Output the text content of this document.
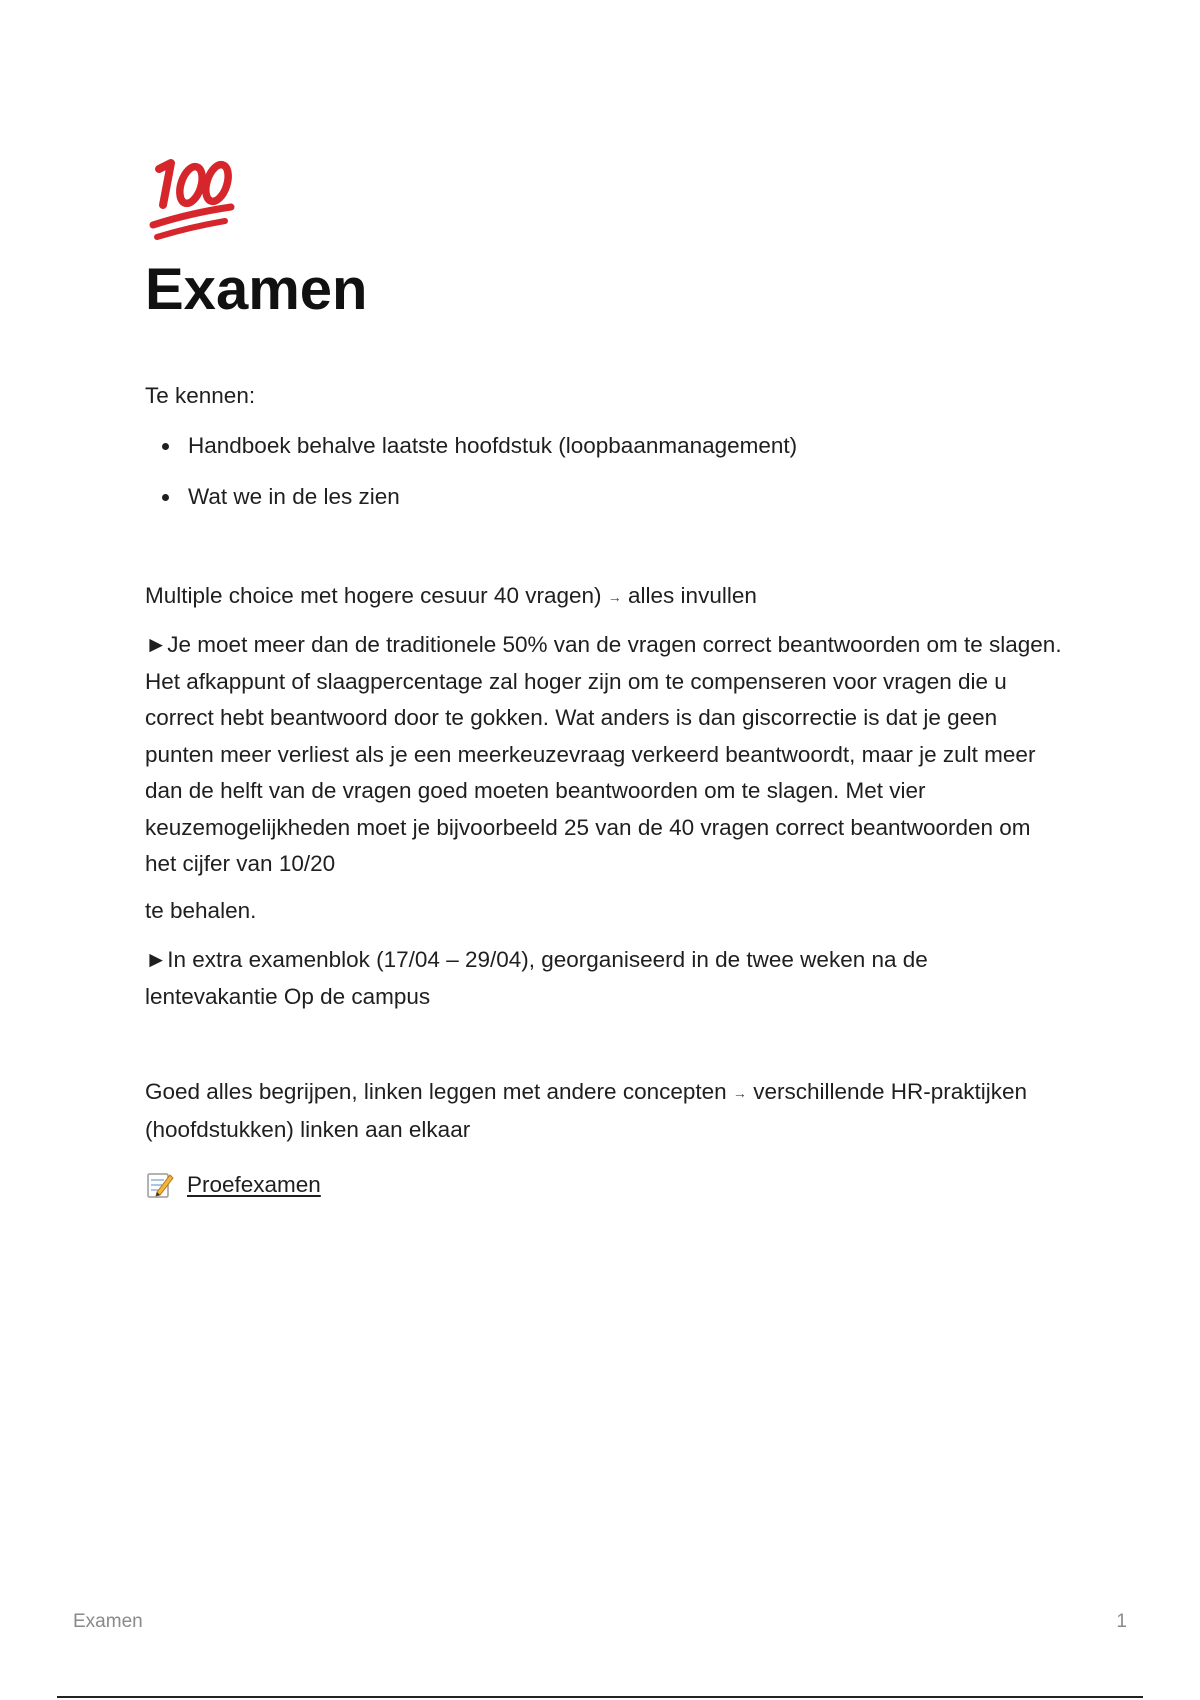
Examen

Te kennen:

Handboek behalve laatste hoofdstuk (loopbaanmanagement)
Wat we in de les zien

Multiple choice met hogere cesuur 40 vragen) → alles invullen

►Je moet meer dan de traditionele 50% van de vragen correct beantwoorden om te slagen. Het afkappunt of slaagpercentage zal hoger zijn om te compenseren voor vragen die u correct hebt beantwoord door te gokken. Wat anders is dan giscorrectie is dat je geen punten meer verliest als je een meerkeuzevraag verkeerd beantwoordt, maar je zult meer dan de helft van de vragen goed moeten beantwoorden om te slagen. Met vier keuzemogelijkheden moet je bijvoorbeeld 25 van de 40 vragen correct beantwoorden om het cijfer van 10/20

te behalen.

►In extra examenblok (17/04 – 29/04), georganiseerd in de twee weken na de lentevakantie Op de campus

Goed alles begrijpen, linken leggen met andere concepten → verschillende HR-praktijken (hoofdstukken) linken aan elkaar

Proefexamen
Examen	1
